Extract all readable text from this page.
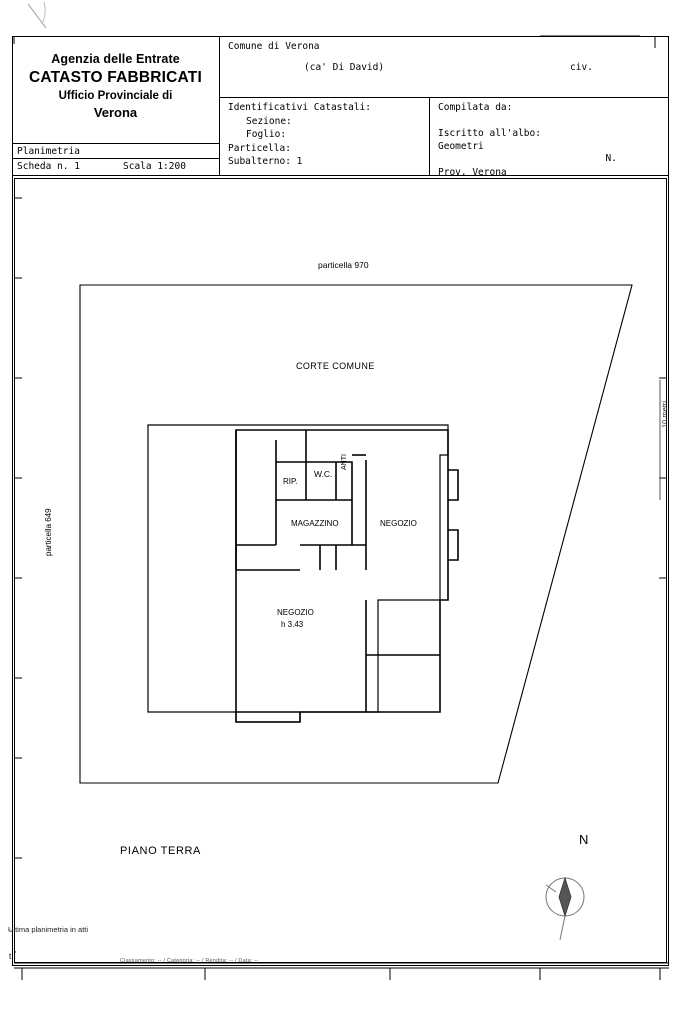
Agenzia delle Entrate
CATASTO FABBRICATI
Ufficio Provinciale di
Verona
Planimetria
Scheda n. 1	Scala 1:200
Comune di Verona
(ca' Di David)	civ.
Identificativi Catastali:
Sezione:
Foglio:
Particella:
Subalterno: 1
Compilata da:
Iscritto all'albo:
Geometri
Prov. Verona
N.
particella 970
CORTE COMUNE
particella 649
10 metri
PIANO TERRA
N
RIP.
W.C.
ANTI
MAGAZZINO	NEGOZIO
NEGOZIO
h 3.43
Ultima planimetria in atti
t	Classamento: -- / Categoria: -- / Rendita: -- / Data: --
